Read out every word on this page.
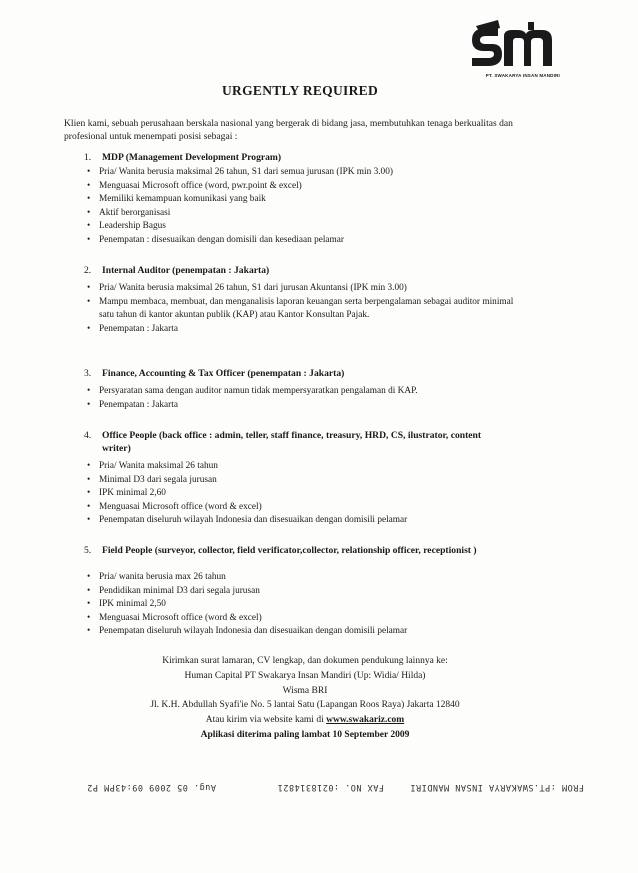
PT. SWAKARYA INSAN MANDIRI
URGENTLY REQUIRED
Klien kami, sebuah perusahaan berskala nasional yang bergerak di bidang jasa, membutuhkan tenaga berkualitas dan profesional untuk menempati posisi sebagai :
1. MDP (Management Development Program)
• Pria/ Wanita berusia maksimal 26 tahun, S1 dari semua jurusan (IPK min 3.00)
• Menguasai Microsoft office (word, pwr.point & excel)
• Memiliki kemampuan komunikasi yang baik
• Aktif berorganisasi
• Leadership Bagus
• Penempatan : disesuaikan dengan domisili dan kesediaan pelamar
2. Internal Auditor (penempatan : Jakarta)
• Pria/ Wanita berusia maksimal 26 tahun, S1 dari jurusan Akuntansi (IPK min 3.00)
• Mampu membaca, membuat, dan menganalisis laporan keuangan serta berpengalaman sebagai auditor minimal satu tahun di kantor akuntan publik (KAP) atau Kantor Konsultan Pajak.
• Penempatan : Jakarta
3. Finance, Accounting & Tax Officer (penempatan : Jakarta)
• Persyaratan sama dengan auditor namun tidak mempersyaratkan pengalaman di KAP.
• Penempatan : Jakarta
4. Office People (back office : admin, teller, staff finance, treasury, HRD, CS, ilustrator, content writer)
• Pria/ Wanita maksimal 26 tahun
• Minimal D3 dari segala jurusan
• IPK minimal 2,60
• Menguasai Microsoft office (word & excel)
• Penempatan diseluruh wilayah Indonesia dan disesuaikan dengan domisili pelamar
5. Field People (surveyor, collector, field verificator,collector, relationship officer, receptionist )
• Pria/ wanita berusia max 26 tahun
• Pendidikan minimal D3 dari segala jurusan
• IPK minimal 2,50
• Menguasai Microsoft office (word & excel)
• Penempatan diseluruh wilayah Indonesia dan disesuaikan dengan domisili pelamar
Kirimkan surat lamaran, CV lengkap, dan dokumen pendukung lainnya ke:
Human Capital PT Swakarya Insan Mandiri (Up: Widia/ Hilda)
Wisma BRI
Jl. K.H. Abdullah Syafi'ie No. 5 lantai Satu (Lapangan Roos Raya) Jakarta 12840
Atau kirim via website kami di www.swakariz.com
Aplikasi diterima paling lambat 10 September 2009
FROM :PT.SWAKARYA INSAN MANDIRI
FAX NO. :0218314821
Aug. 05 2009 09:43PM P2
